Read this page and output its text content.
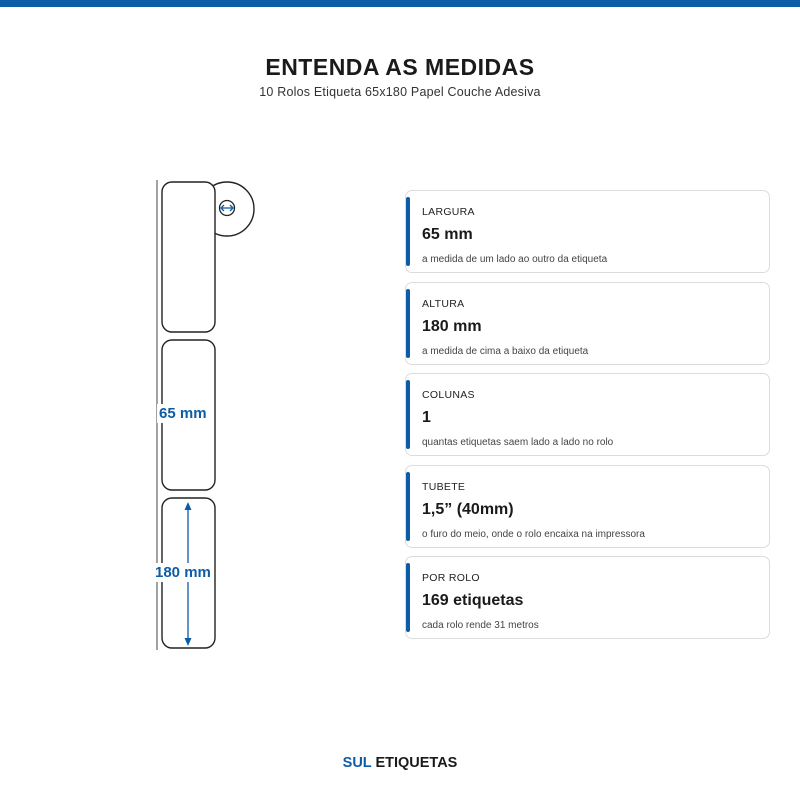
ENTENDA AS MEDIDAS
10 Rolos Etiqueta 65x180 Papel Couche Adesiva
65 mm
180 mm
LARGURA
65 mm
a medida de um lado ao outro da etiqueta
ALTURA
180 mm
a medida de cima a baixo da etiqueta
COLUNAS
1
quantas etiquetas saem lado a lado no rolo
TUBETE
1,5” (40mm)
o furo do meio, onde o rolo encaixa na impressora
POR ROLO
169 etiquetas
cada rolo rende 31 metros
SUL ETIQUETAS
